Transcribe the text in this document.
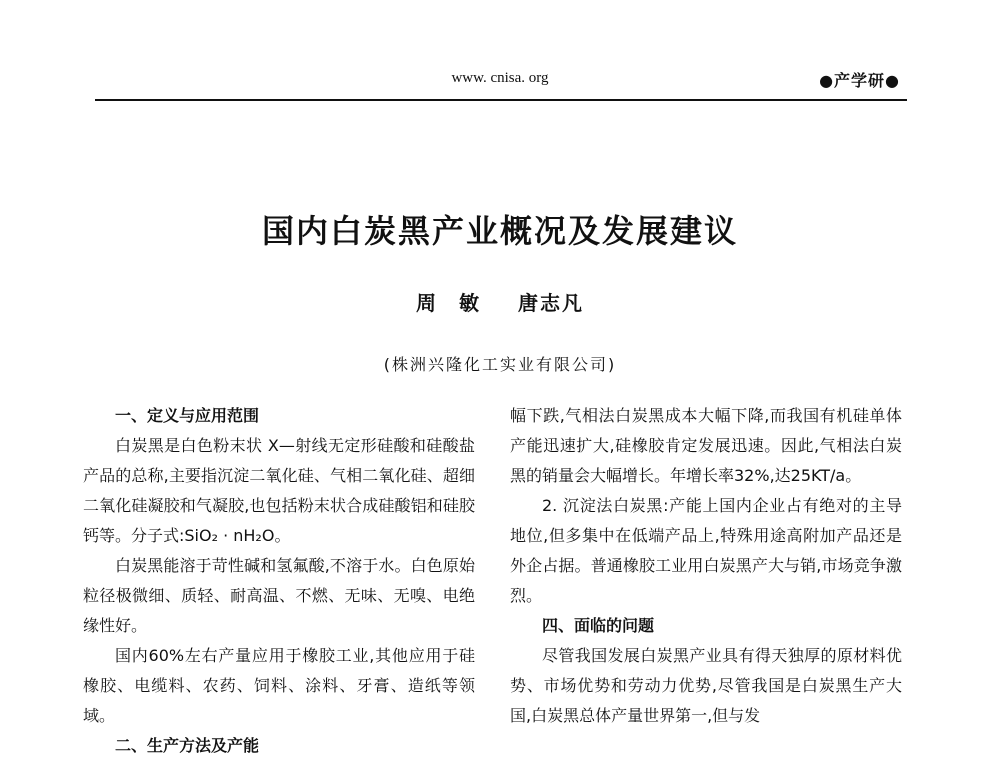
www. cnisa. org	●产学研●
国内白炭黑产业概况及发展建议
周 敏 唐志凡
(株洲兴隆化工实业有限公司)

一、定义与应用范围

白炭黑是白色粉末状 X—射线无定形硅酸和硅酸盐产品的总称,主要指沉淀二氧化硅、气相二氧化硅、超细二氧化硅凝胶和气凝胶,也包括粉末状合成硅酸铝和硅胶钙等。分子式:SiO₂ · nH₂O。

白炭黑能溶于苛性碱和氢氟酸,不溶于水。白色原始粒径极微细、质轻、耐高温、不燃、无味、无嗅、电绝缘性好。

国内60%左右产量应用于橡胶工业,其他应用于硅橡胶、电缆料、农药、饲料、涂料、牙膏、造纸等领域。

二、生产方法及产能

幅下跌,气相法白炭黑成本大幅下降,而我国有机硅单体产能迅速扩大,硅橡胶肯定发展迅速。因此,气相法白炭黑的销量会大幅增长。年增长率32%,达25KT/a。

2. 沉淀法白炭黑:产能上国内企业占有绝对的主导地位,但多集中在低端产品上,特殊用途高附加产品还是外企占据。普通橡胶工业用白炭黑产大与销,市场竞争激烈。

四、面临的问题

尽管我国发展白炭黑产业具有得天独厚的原材料优势、市场优势和劳动力优势,尽管我国是白炭黑生产大国,白炭黑总体产量世界第一,但与发
